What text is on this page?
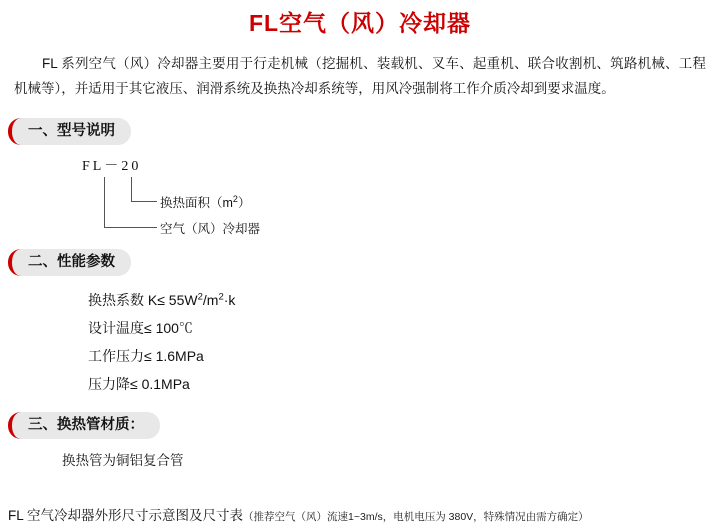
FL空气（风）冷却器

FL 系列空气（风）冷却器主要用于行走机械（挖掘机、装载机、叉车、起重机、联合收割机、筑路机械、工程机械等），并适用于其它液压、润滑系统及换热冷却系统等，用风冷强制将工作介质冷却到要求温度。

一、型号说明
FL－20
换热面积$(m^2)$
空气（风）冷却器
二、性能参数
换热系数 $K\le 55W^2/m^2\cdot k$
设计温度≤ 100℃
工作压力≤ 1.6MPa
压力降≤ 0.1MPa
三、换热管材质：
换热管为铜铝复合管
FL 空气冷却器外形尺寸示意图及尺寸表（推荐空气（风）流速1~3m/s，电机电压为 380V，特殊情况由需方确定）
